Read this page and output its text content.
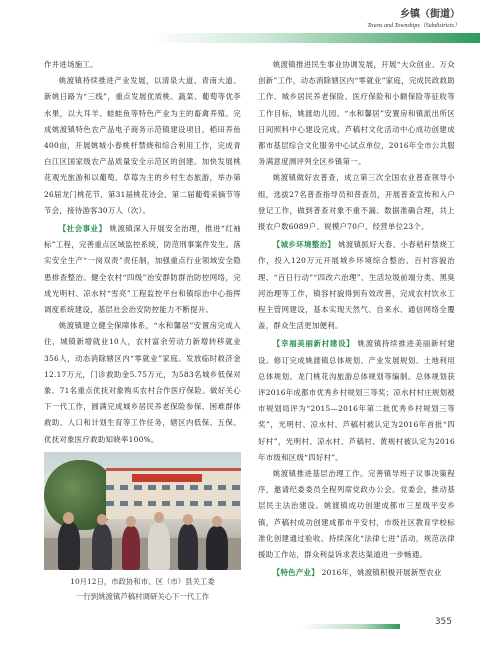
乡镇（街道）
Towns and Townships（Subdistricts）

作并进场施工。

姚渡镇持续推进产业发展，以清泉大道、青南大道、新姚日路为“三线”，重点发展优质桃、蔬菜、葡萄等优李水果，以大耳羊、蛙蛙鱼等特色产业为主的畜禽养殖。完成姚渡镇特色农产品电子商务示范镇建设项目，稻田养鱼400亩，开展姚城小春桃杆禁烧和综合利用工作，完成青白江区国家级农产品质量安全示范区的创建。加快发展桃花观光旅游和以葡萄、草莓为主的乡村生态旅游，举办第26届龙门桃花节、第31届桃花诗会、第二届葡萄采摘节等节会，接待游客30万人（次）。

【社会事业】 姚渡镇深入开展安全治理，推进“红袖标”工程，完善重点区域监控系统，防范刑事案件发生。落实安全生产“一岗双责”责任制，加强重点行业领域安全隐患排查整治。健全农村“四级”治安群防群治防控网络，完成光明村、凉水村“雪亮”工程监控平台和镇综治中心指挥调度系统建设，基层社会治安防控能力不断提升。

姚渡镇建立健全保障体系，“水和馨居”安置房完成入住，城镇新增就业10人，农村富余劳动力新增转移就业356人，动态消除辖区内“零就业”家庭。发放临时救济金12.17万元，门诊救助金5.75万元，为583名城乡低保对象、71名重点优抚对象购买农村合作医疗保险。做好关心下一代工作，圆满完成城乡居民养老保险参保、困难群体救助、人口和计划生育等工作任务，辖区内低保、五保、优抚对象医疗救助知晓率100%。

姚渡镇推进民生事业协调发展，开展“大众创业、万众创新”工作，动态消除辖区内“零就业”家庭，完成民政救助工作、城乡居民养老保险、医疗保险和小额保险等征收等工作目标，姚渡幼儿园、“水和馨居”安置房和镇派出所区日间照料中心建设完成。芦稿村文化活动中心成功创建成都市基层综合文化服务中心试点单位，2016年全市公共服务满意度测评列全区乡镇第一。

姚渡镇做好农普查，成立第三次全国农业普查领导小组，选拔27名普查指导员和普查员，开展普查宣传和入户登记工作，做到普查对象不重不漏、数据准确合理，共上报农户数6089户、规模户70户、经营单位23个。

【城乡环境整治】 姚渡镇抓好大春、小春秸秆禁烧工作，投入120万元开展城乡环境综合整治、百村容貌治理、“百日行动”“四改六治理”、生活垃圾前端分类、黑臭河治理等工作，镇容村貌得到有效改善，完成农村饮水工程主管网建设，基本实现天然气、自来水、通信网络全覆盖，群众生活更加便利。

【幸福美丽新村建设】 姚渡镇持续推进美丽新村建设。修订完成姚渡镇总体规划、产业发展规划、土地利用总体规划、龙门桃花沟旅游总体规划等编制。总体规划获评2016年成都市优秀乡村规划三等奖；凉水村村庄规划被市规划局评为“2015—2016年第二批优秀乡村规划三等奖”，光明村、凉水村、芦稿村被认定为2016年首批“四好村”，光明村、凉水村、芦稿村、黄规村被认定为2016年市级和区级“四好村”。

姚渡镇推进基层治理工作。完善镇导班子议事决策程序，邀请纪委委员全程列席党政办公会。党委会，推动基层民主法治建设。姚渡镇成功创建成都市三星级平安乡镇，芦稿村成功创建成都市平安村，市级社区教育学校标准化创建通过验收。持续深化“法律七进”活动，规范法律援助工作站，群众利益诉求表达渠道进一步畅通。

【特色产业】 2016年，姚渡镇积极开展新型农业

10月12日，市政协和市、区（市）县关工委
一行到姚渡镇芦稿村调研关心下一代工作
355
